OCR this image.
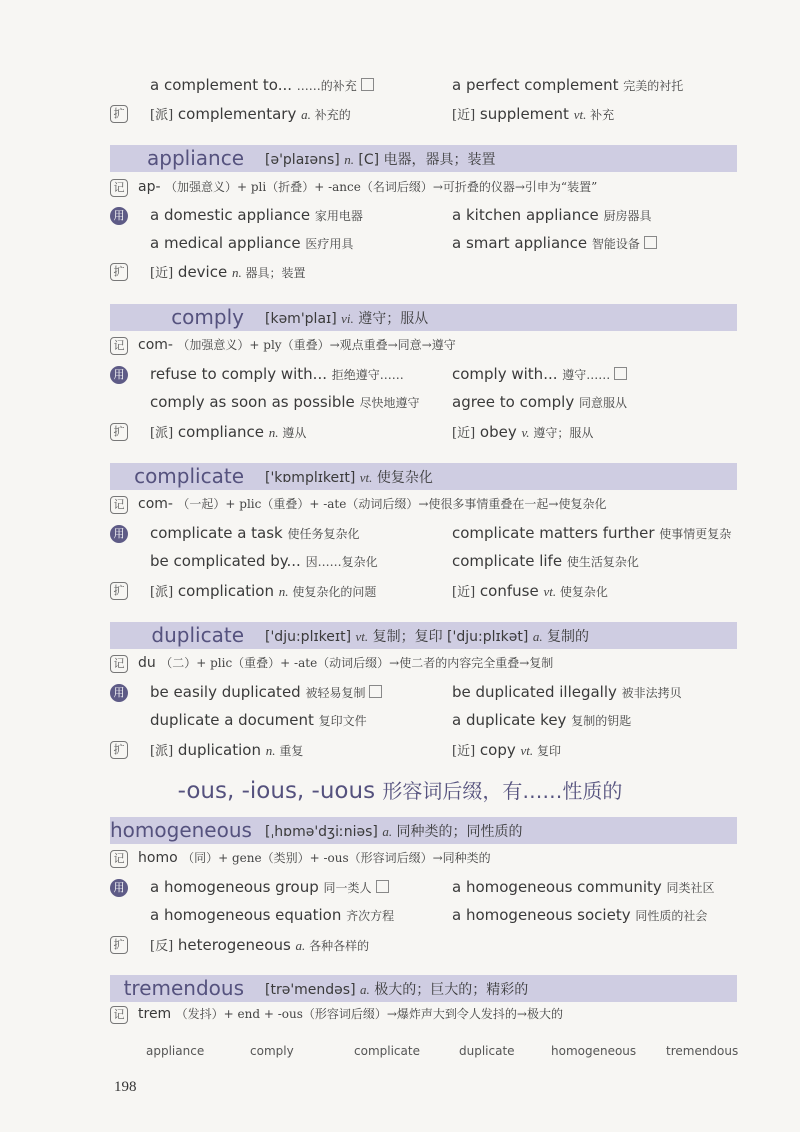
a complement to... ……的补充	a perfect complement 完美的衬托
扩 [派] complementary a. 补充的	[近] supplement vt. 补充
appliance [ə'plaɪəns] n. [C] 电器，器具；装置
记 ap- （加强意义）+ pli（折叠）+ -ance（名词后缀）→可折叠的仪器→引申为“装置”
用 a domestic appliance 家用电器	a kitchen appliance 厨房器具
a medical appliance 医疗用具	a smart appliance 智能设备
扩 [近] device n. 器具；装置
comply [kəm'plaɪ] vi. 遵守；服从
记 com- （加强意义）+ ply（重叠）→观点重叠→同意→遵守
用 refuse to comply with... 拒绝遵守……	comply with... 遵守……
comply as soon as possible 尽快地遵守 agree to comply 同意服从
扩 [派] compliance n. 遵从	[近] obey v. 遵守；服从
complicate ['kɒmplɪkeɪt] vt. 使复杂化
记 com- （一起）+ plic（重叠）+ -ate（动词后缀）→使很多事情重叠在一起→使复杂化
用 complicate a task 使任务复杂化	complicate matters further 使事情更复杂
be complicated by... 因……复杂化	complicate life 使生活复杂化
扩 [派] complication n. 使复杂化的问题	[近] confuse vt. 使复杂化
duplicate ['dju:plɪkeɪt] vt. 复制；复印 ['dju:plɪkət] a. 复制的
记 du （二）+ plic（重叠）+ -ate（动词后缀）→使二者的内容完全重叠→复制
用 be easily duplicated 被轻易复制	be duplicated illegally 被非法拷贝
duplicate a document 复印文件	a duplicate key 复制的钥匙
扩 [派] duplication n. 重复	[近] copy vt. 复印
-ous, -ious, -uous 形容词后缀，有……性质的
homogeneous [ˌhɒmə'dʒiːniəs] a. 同种类的；同性质的
记 homo （同）+ gene（类别）+ -ous（形容词后缀）→同种类的
用 a homogeneous group 同一类人	a homogeneous community 同类社区
a homogeneous equation 齐次方程	a homogeneous society 同性质的社会
扩 [反] heterogeneous a. 各种各样的
tremendous [trə'mendəs] a. 极大的；巨大的；精彩的
记 trem （发抖）+ end + -ous（形容词后缀）→爆炸声大到令人发抖的→极大的
appliance	comply	complicate	duplicate	homogeneous tremendous
198
